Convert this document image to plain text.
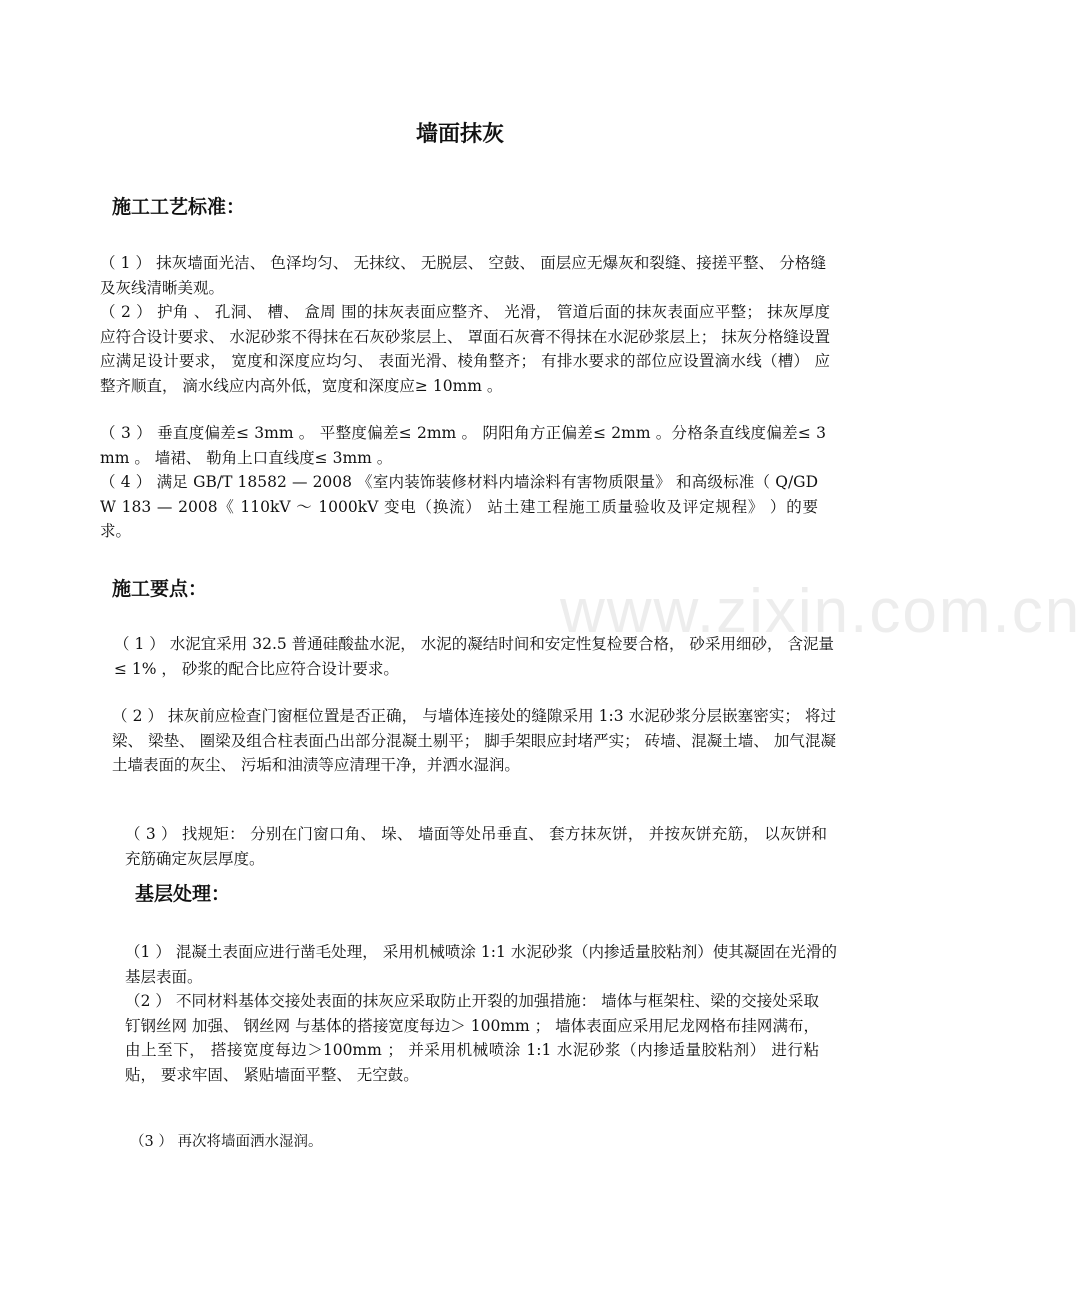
www.zixin.com.cn
墙面抹灰
施工工艺标准：

（ 1 ） 抹灰墙面光洁、 色泽均匀、 无抹纹、 无脱层、 空鼓、 面层应无爆灰和裂缝、接搓平整、 分格缝及灰线清晰美观。

（ 2 ） 护角 、 孔洞、 槽、 盒周 围的抹灰表面应整齐、 光滑， 管道后面的抹灰表面应平整； 抹灰厚度应符合设计要求、 水泥砂浆不得抹在石灰砂浆层上、 罩面石灰膏不得抹在水泥砂浆层上； 抹灰分格缝设置应满足设计要求， 宽度和深度应均匀、 表面光滑、棱角整齐； 有排水要求的部位应设置滴水线（槽） 应整齐顺直， 滴水线应内高外低，宽度和深度应≥ 10mm 。

（ 3 ） 垂直度偏差≤ 3mm 。 平整度偏差≤ 2mm 。 阴阳角方正偏差≤ 2mm 。分格条直线度偏差≤ 3mm 。 墙裙、 勒角上口直线度≤ 3mm 。

（ 4 ） 满足 GB/T 18582 — 2008 《室内装饰装修材料内墙涂料有害物质限量》 和高级标准（ Q/GDW 183 — 2008《 110kV ～ 1000kV 变电（换流） 站土建工程施工质量验收及评定规程》 ）的要求。

施工要点：

（ 1 ） 水泥宜采用 32.5 普通硅酸盐水泥， 水泥的凝结时间和安定性复检要合格， 砂采用细砂， 含泥量≤ 1% ， 砂浆的配合比应符合设计要求。

（ 2 ） 抹灰前应检查门窗框位置是否正确， 与墙体连接处的缝隙采用 1:3 水泥砂浆分层嵌塞密实； 将过梁、 梁垫、 圈梁及组合柱表面凸出部分混凝土剔平； 脚手架眼应封堵严实； 砖墙、混凝土墙、 加气混凝土墙表面的灰尘、 污垢和油渍等应清理干净，并洒水湿润。

（ 3 ） 找规矩： 分别在门窗口角、 垛、 墙面等处吊垂直、 套方抹灰饼， 并按灰饼充筋， 以灰饼和充筋确定灰层厚度。

基层处理：

（1 ） 混凝土表面应进行凿毛处理， 采用机械喷涂 1:1 水泥砂浆（内掺适量胶粘剂）使其凝固在光滑的基层表面。

（2 ） 不同材料基体交接处表面的抹灰应采取防止开裂的加强措施： 墙体与框架柱、梁的交接处采取钉钢丝网 加强、 钢丝网 与基体的搭接宽度每边＞ 100mm ； 墙体表面应采用尼龙网格布挂网满布， 由上至下， 搭接宽度每边＞100mm ； 并采用机械喷涂 1:1 水泥砂浆（内掺适量胶粘剂） 进行粘贴， 要求牢固、 紧贴墙面平整、 无空鼓。

（3 ） 再次将墙面洒水湿润。
